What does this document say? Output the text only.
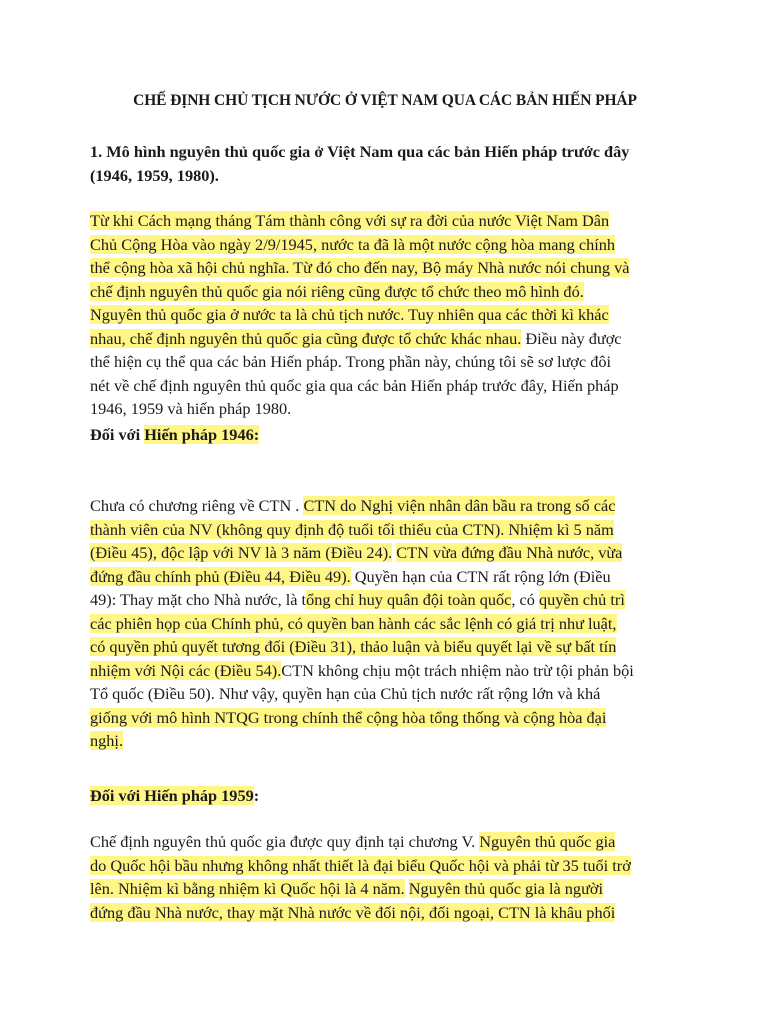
CHẾ ĐỊNH CHỦ TỊCH NƯỚC Ở VIỆT NAM QUA CÁC BẢN HIẾN PHÁP
1. Mô hình nguyên thủ quốc gia ở Việt Nam qua các bản Hiến pháp trước đây
(1946, 1959, 1980).
Từ khi Cách mạng tháng Tám thành công với sự ra đời của nước Việt Nam Dân
Chủ Cộng Hòa vào ngày 2/9/1945, nước ta đã là một nước cộng hòa mang chính
thể cộng hòa xã hội chủ nghĩa. Từ đó cho đến nay, Bộ máy Nhà nước nói chung và
chế định nguyên thủ quốc gia nói riêng cũng được tổ chức theo mô hình đó.
Nguyên thủ quốc gia ở nước ta là chủ tịch nước. Tuy nhiên qua các thời kì khác
nhau, chế định nguyên thủ quốc gia cũng được tổ chức khác nhau. Điều này được
thể hiện cụ thể qua các bản Hiến pháp. Trong phần này, chúng tôi sẽ sơ lược đôi
nét về chế định nguyên thủ quốc gia qua các bản Hiến pháp trước đây, Hiến pháp
1946, 1959 và hiến pháp 1980.
Đối với Hiến pháp 1946:
Chưa có chương riêng về CTN . CTN do Nghị viện nhân dân bầu ra trong số các
thành viên của NV (không quy định độ tuổi tối thiểu của CTN). Nhiệm kì 5 năm
(Điều 45), độc lập với NV là 3 năm (Điều 24). CTN vừa đứng đầu Nhà nước, vừa
đứng đầu chính phủ (Điều 44, Điều 49). Quyền hạn của CTN rất rộng lớn (Điều
49): Thay mặt cho Nhà nước, là tổng chỉ huy quân đội toàn quốc, có quyền chủ trì
các phiên họp của Chính phủ, có quyền ban hành các sắc lệnh có giá trị như luật,
có quyền phủ quyết tương đối (Điều 31), thảo luận và biểu quyết lại về sự bất tín
nhiệm với Nội các (Điều 54).CTN không chịu một trách nhiệm nào trừ tội phản bội
Tổ quốc (Điều 50). Như vậy, quyền hạn của Chủ tịch nước rất rộng lớn và khá
giống với mô hình NTQG trong chính thể cộng hòa tổng thống và cộng hòa đại
nghị.
Đối với Hiến pháp 1959:
Chế định nguyên thủ quốc gia được quy định tại chương V. Nguyên thủ quốc gia
do Quốc hội bầu nhưng không nhất thiết là đại biểu Quốc hội và phải từ 35 tuổi trở
lên. Nhiệm kì bằng nhiệm kì Quốc hội là 4 năm. Nguyên thủ quốc gia là người
đứng đầu Nhà nước, thay mặt Nhà nước về đối nội, đối ngoại, CTN là khâu phối
